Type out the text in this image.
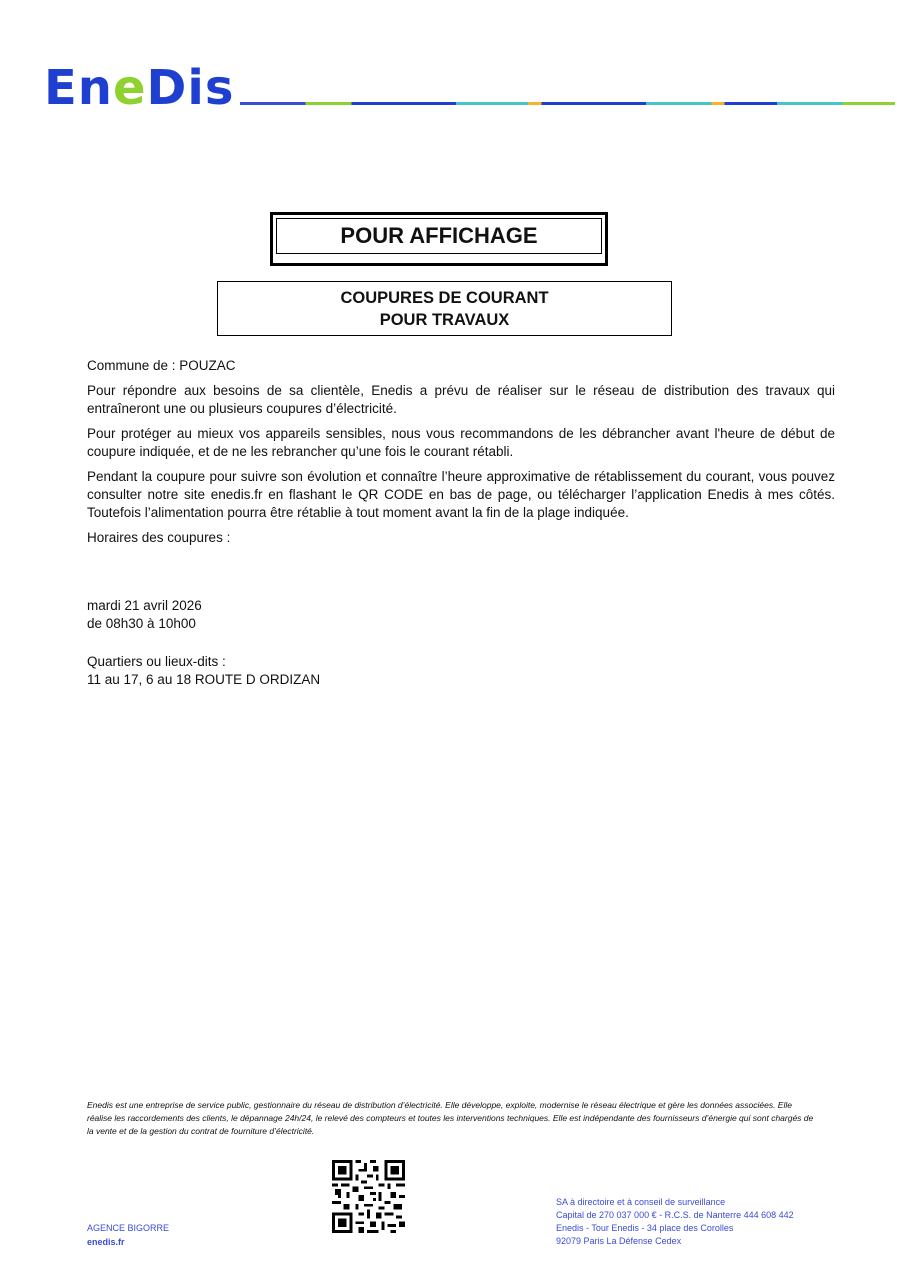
EneDis
POUR AFFICHAGE
COUPURES DE COURANT
POUR TRAVAUX

Commune de : POUZAC

Pour répondre aux besoins de sa clientèle, Enedis a prévu de réaliser sur le réseau de distribution des travaux qui entraîneront une ou plusieurs coupures d’électricité.

Pour protéger au mieux vos appareils sensibles, nous vous recommandons de les débrancher avant l'heure de début de coupure indiquée, et de ne les rebrancher qu’une fois le courant rétabli.

Pendant la coupure pour suivre son évolution et connaître l’heure approximative de rétablissement du courant, vous pouvez consulter notre site enedis.fr en flashant le QR CODE en bas de page, ou télécharger l’application Enedis à mes côtés. Toutefois l’alimentation pourra être rétablie à tout moment avant la fin de la plage indiquée.

Horaires des coupures :

mardi 21 avril 2026
de 08h30 à 10h00
Quartiers ou lieux-dits :
11 au 17, 6 au 18 ROUTE D ORDIZAN
Enedis est une entreprise de service public, gestionnaire du réseau de distribution d’électricité. Elle développe, exploite, modernise le réseau électrique et gère les données associées. Elle réalise les raccordements des clients, le dépannage 24h/24, le relevé des compteurs et toutes les interventions techniques. Elle est indépendante des fournisseurs d’énergie qui sont chargés de la vente et de la gestion du contrat de fourniture d’électricité.
AGENCE BIGORRE
enedis.fr
SA à directoire et à conseil de surveillance
Capital de 270 037 000 € - R.C.S. de Nanterre 444 608 442
Enedis - Tour Enedis - 34 place des Corolles
92079 Paris La Défense Cedex
